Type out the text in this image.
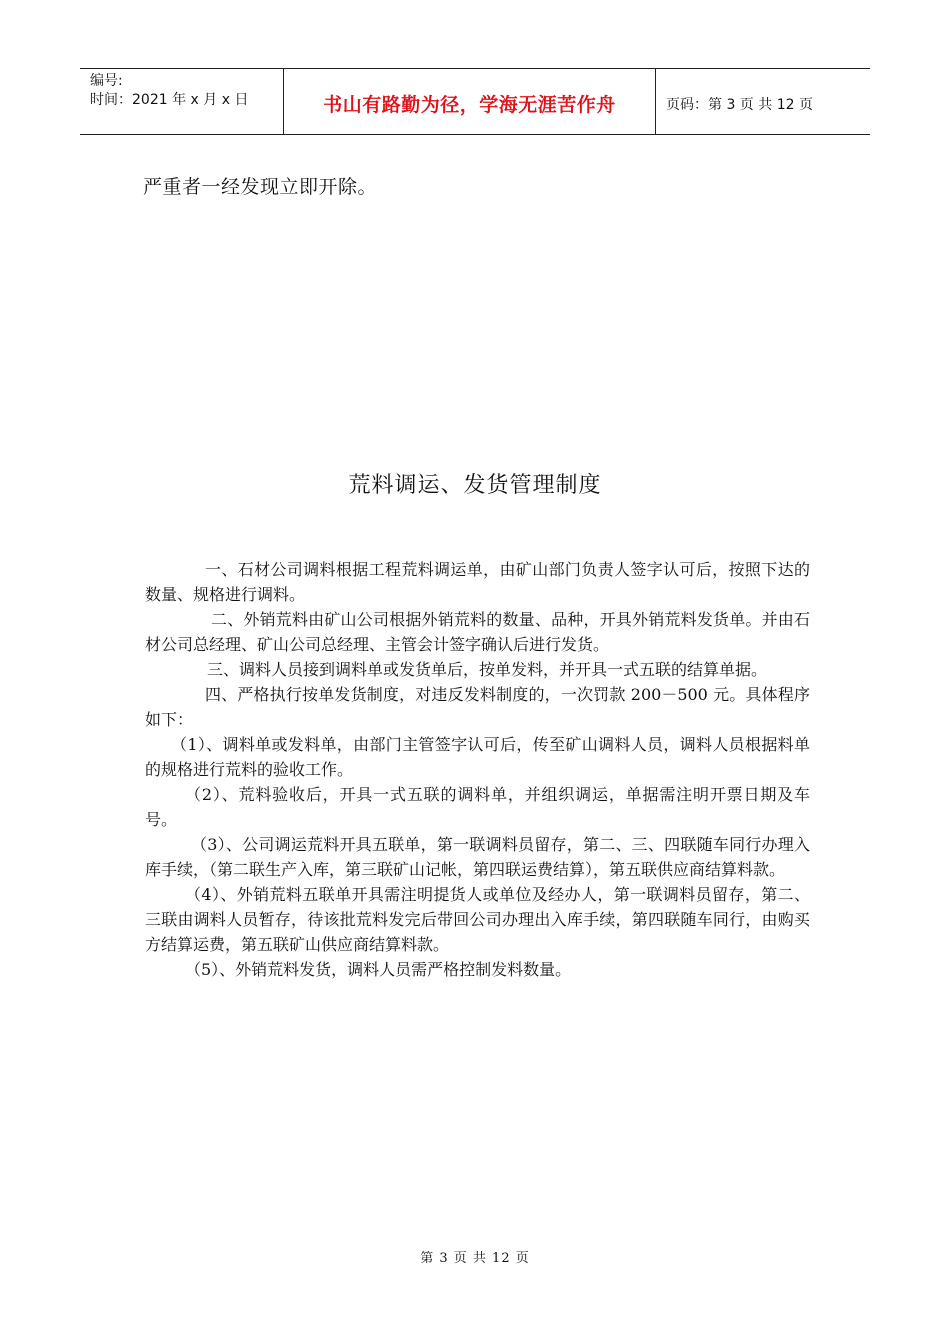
编号:
时间：2021 年 x 月 x 日	书山有路勤为径，学海无涯苦作舟	页码：第 3 页 共 12 页
严重者一经发现立即开除。
荒料调运、发货管理制度

一、石材公司调料根据工程荒料调运单，由矿山部门负责人签字认可后，按照下达的数量、规格进行调料。

二、外销荒料由矿山公司根据外销荒料的数量、品种，开具外销荒料发货单。并由石材公司总经理、矿山公司总经理、主管会计签字确认后进行发货。

三、调料人员接到调料单或发货单后，按单发料，并开具一式五联的结算单据。

四、严格执行按单发货制度，对违反发料制度的，一次罚款 200－500 元。具体程序如下：

（1）、调料单或发料单，由部门主管签字认可后，传至矿山调料人员，调料人员根据料单的规格进行荒料的验收工作。

（2）、荒料验收后，开具一式五联的调料单，并组织调运，单据需注明开票日期及车号。

（3）、公司调运荒料开具五联单，第一联调料员留存，第二、三、四联随车同行办理入库手续，（第二联生产入库，第三联矿山记帐，第四联运费结算），第五联供应商结算料款。

（4）、外销荒料五联单开具需注明提货人或单位及经办人，第一联调料员留存，第二、三联由调料人员暂存，待该批荒料发完后带回公司办理出入库手续，第四联随车同行，由购买方结算运费，第五联矿山供应商结算料款。

（5）、外销荒料发货，调料人员需严格控制发料数量。

第 3 页 共 12 页
